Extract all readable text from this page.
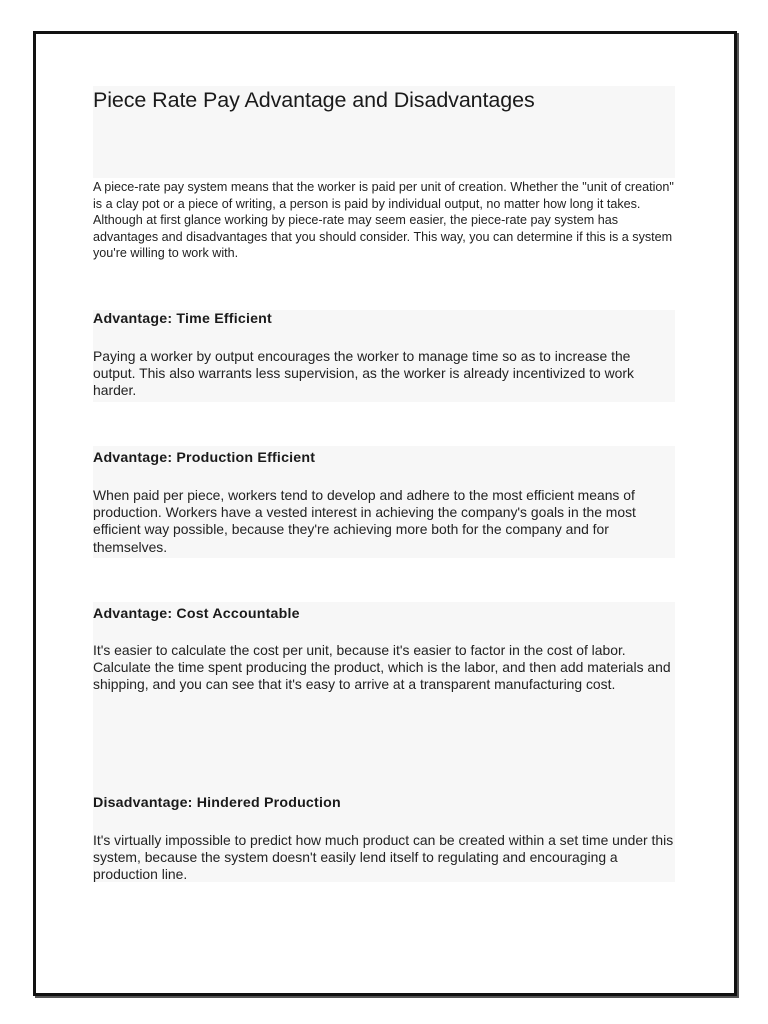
Piece Rate Pay Advantage and Disadvantages

A piece-rate pay system means that the worker is paid per unit of creation. Whether the "unit of creation" is a clay pot or a piece of writing, a person is paid by individual output, no matter how long it takes. Although at first glance working by piece-rate may seem easier, the piece-rate pay system has advantages and disadvantages that you should consider. This way, you can determine if this is a system you're willing to work with.

Advantage: Time Efficient

Paying a worker by output encourages the worker to manage time so as to increase the output. This also warrants less supervision, as the worker is already incentivized to work harder.

Advantage: Production Efficient

When paid per piece, workers tend to develop and adhere to the most efficient means of production. Workers have a vested interest in achieving the company's goals in the most efficient way possible, because they're achieving more both for the company and for themselves.

Advantage: Cost Accountable

It's easier to calculate the cost per unit, because it's easier to factor in the cost of labor. Calculate the time spent producing the product, which is the labor, and then add materials and shipping, and you can see that it's easy to arrive at a transparent manufacturing cost.

Disadvantage: Hindered Production

It's virtually impossible to predict how much product can be created within a set time under this system, because the system doesn't easily lend itself to regulating and encouraging a production line.
